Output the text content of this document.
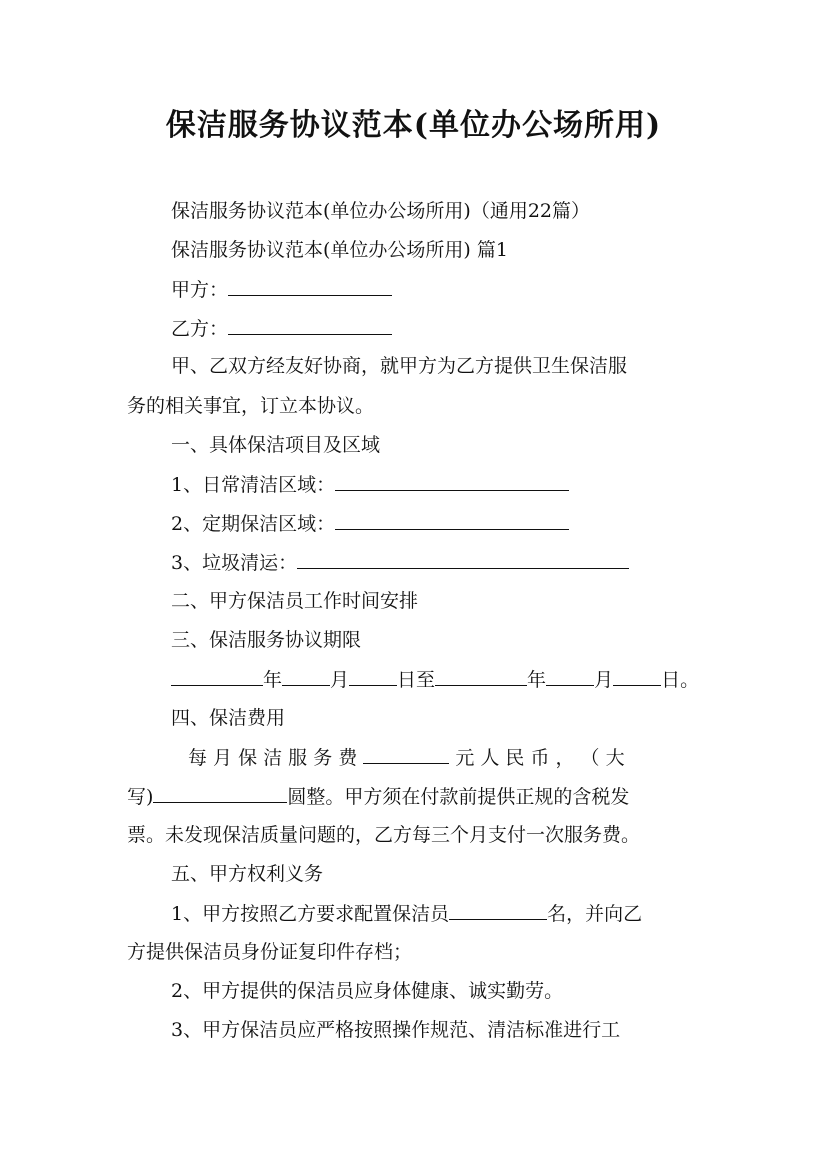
保洁服务协议范本(单位办公场所用)
保洁服务协议范本(单位办公场所用)（通用22篇）
保洁服务协议范本(单位办公场所用) 篇1
甲方：
乙方：
甲、乙双方经友好协商，就甲方为乙方提供卫生保洁服
务的相关事宜，订立本协议。
一、具体保洁项目及区域
1、日常清洁区域：
2、定期保洁区域：
3、垃圾清运：
二、甲方保洁员工作时间安排
三、保洁服务协议期限
年	月	日至	年	月	日。
四、保洁费用
每 月 保 洁 服 务 费	元 人 民 币 ， （ 大
写)	圆整。甲方须在付款前提供正规的含税发
票。未发现保洁质量问题的，乙方每三个月支付一次服务费。
五、甲方权利义务
1、甲方按照乙方要求配置保洁员	名，并向乙
方提供保洁员身份证复印件存档；
2、甲方提供的保洁员应身体健康、诚实勤劳。
3、甲方保洁员应严格按照操作规范、清洁标准进行工
